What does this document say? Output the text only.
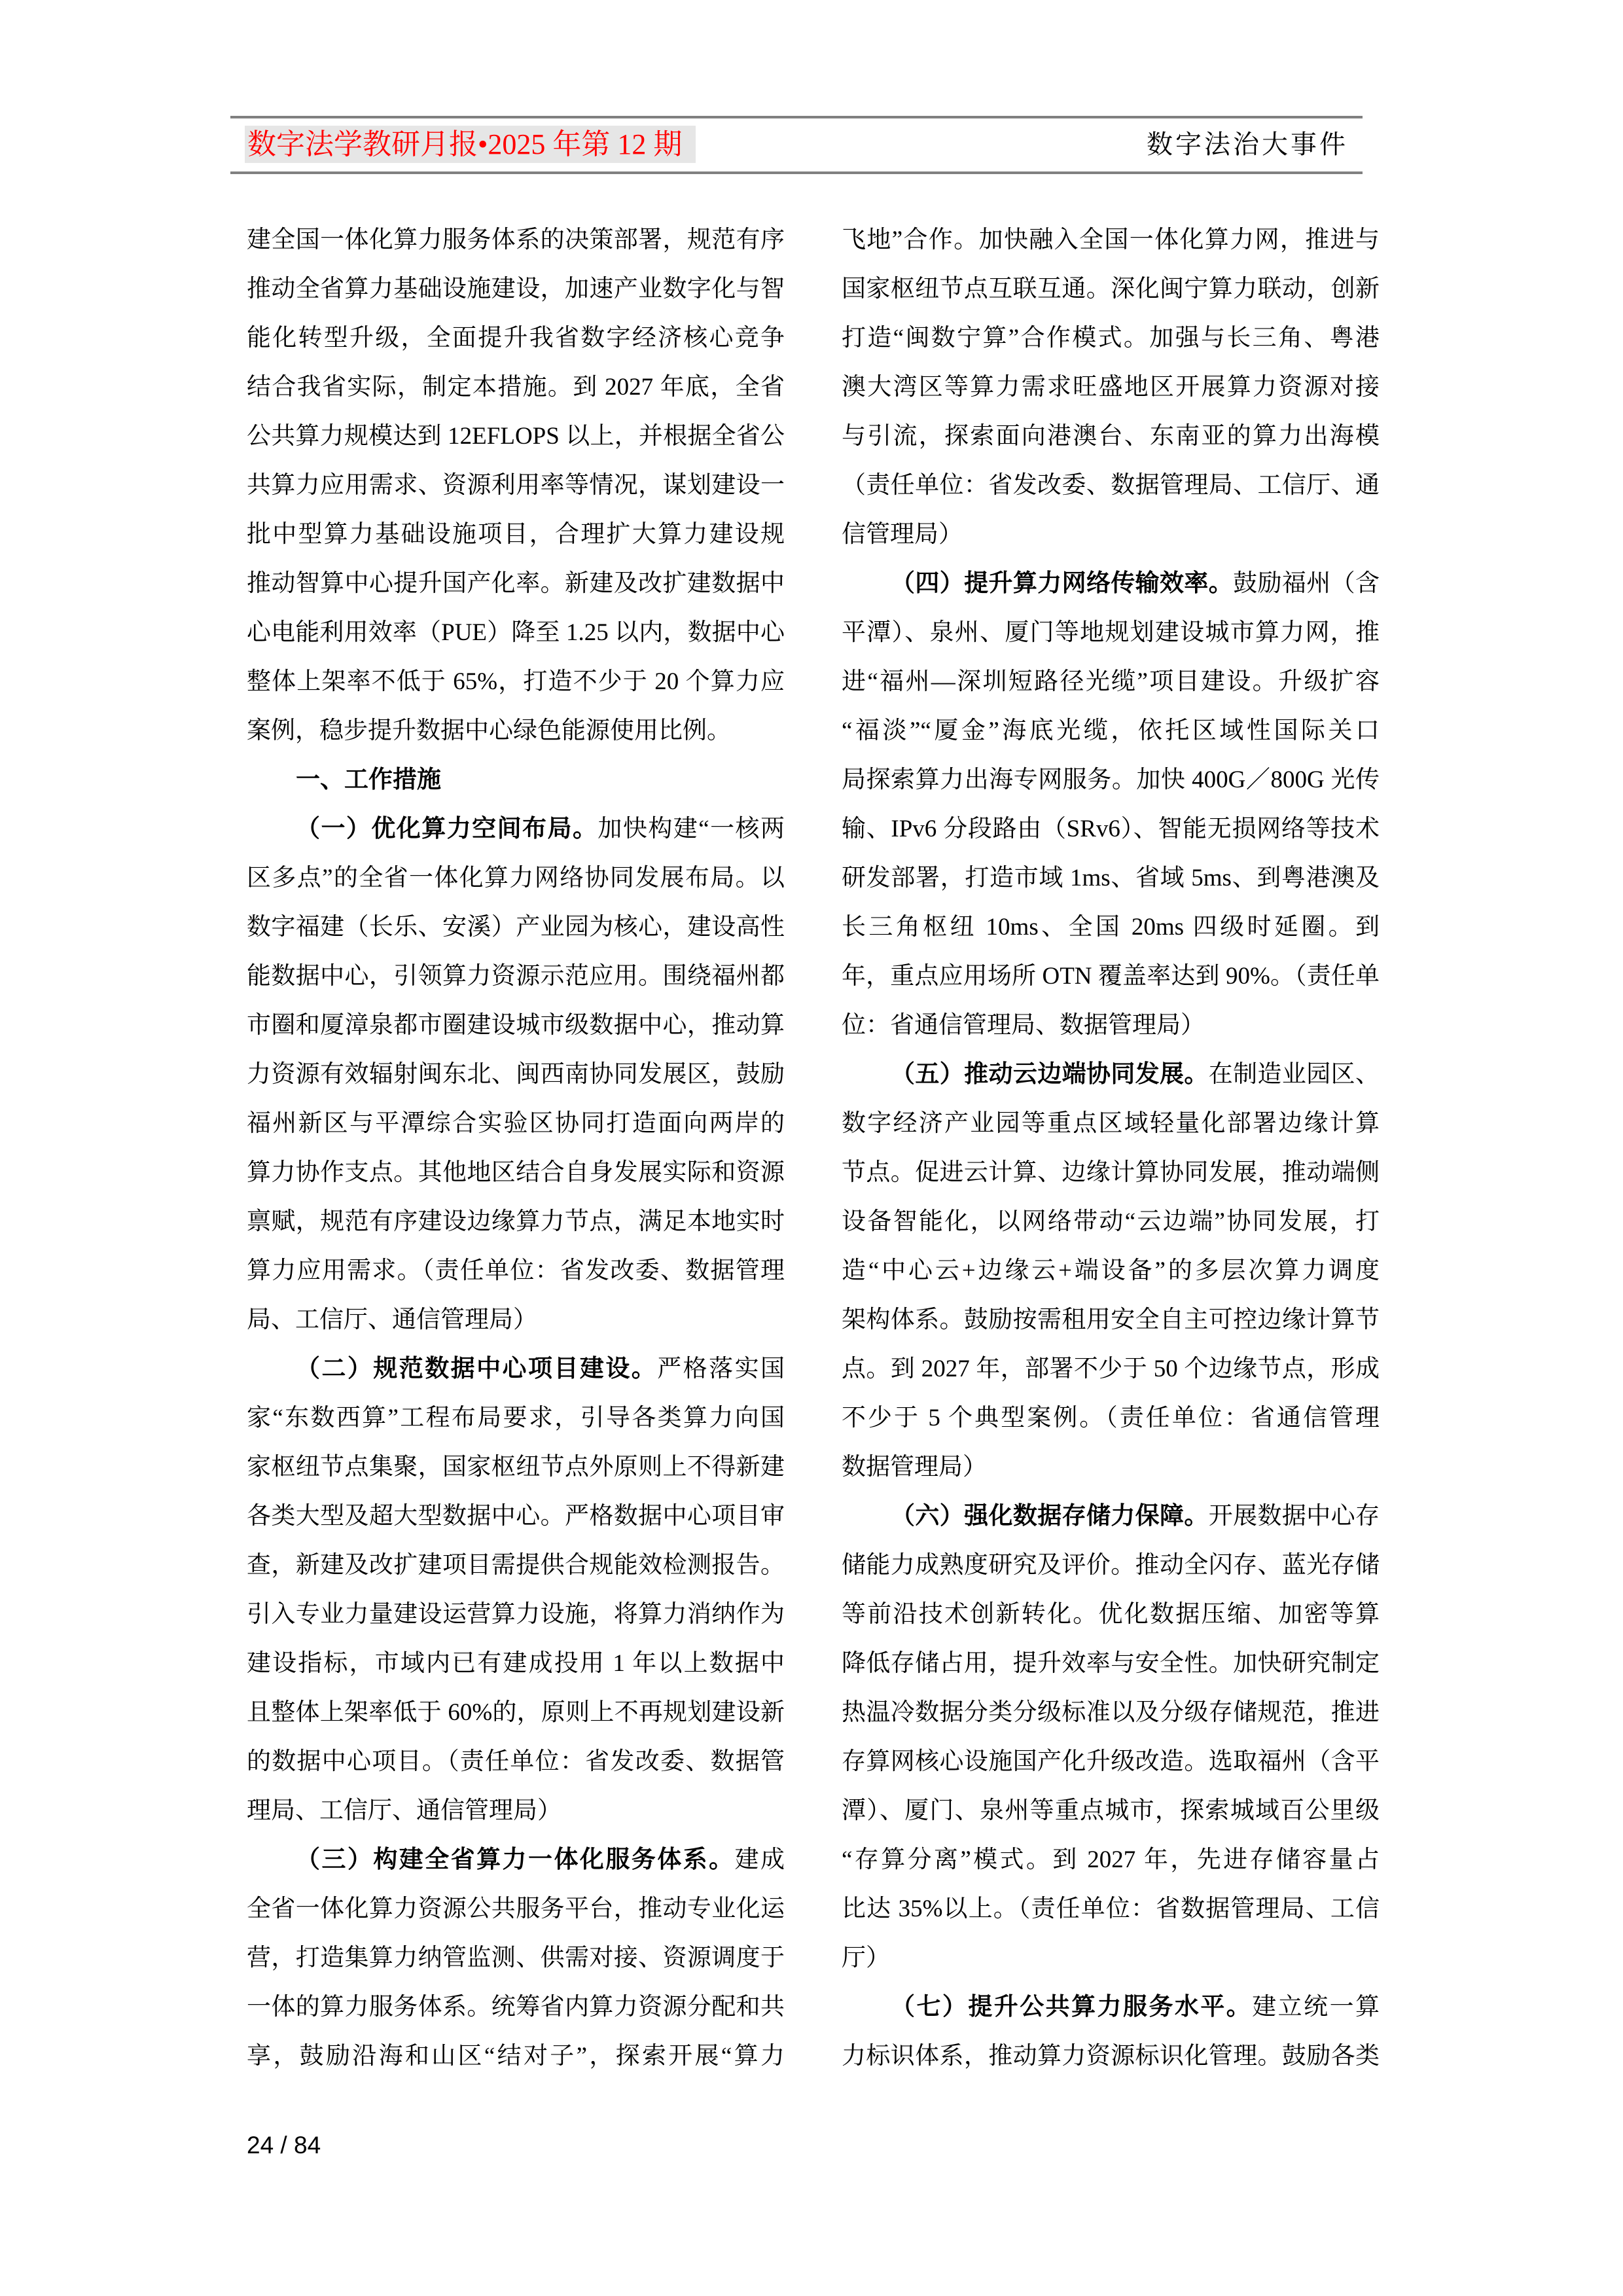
数字法学教研月报•2025 年第 12 期	数字法治大事件
建全国一体化算力服务体系的决策部署，规范有序
推动全省算力基础设施建设，加速产业数字化与智
能化转型升级，全面提升我省数字经济核心竞争
结合我省实际，制定本措施。到 2027 年底，全省
公共算力规模达到 12EFLOPS 以上，并根据全省公
共算力应用需求、资源利用率等情况，谋划建设一
批中型算力基础设施项目，合理扩大算力建设规
推动智算中心提升国产化率。新建及改扩建数据中
心电能利用效率（PUE）降至 1.25 以内，数据中心
整体上架率不低于 65%，打造不少于 20 个算力应
案例，稳步提升数据中心绿色能源使用比例。
一、工作措施
（一）优化算力空间布局。加快构建“一核两
区多点”的全省一体化算力网络协同发展布局。以
数字福建（长乐、安溪）产业园为核心，建设高性
能数据中心，引领算力资源示范应用。围绕福州都
市圈和厦漳泉都市圈建设城市级数据中心，推动算
力资源有效辐射闽东北、闽西南协同发展区，鼓励
福州新区与平潭综合实验区协同打造面向两岸的
算力协作支点。其他地区结合自身发展实际和资源
禀赋，规范有序建设边缘算力节点，满足本地实时
算力应用需求。（责任单位：省发改委、数据管理
局、工信厅、通信管理局）
（二）规范数据中心项目建设。严格落实国
家“东数西算”工程布局要求，引导各类算力向国
家枢纽节点集聚，国家枢纽节点外原则上不得新建
各类大型及超大型数据中心。严格数据中心项目审
查，新建及改扩建项目需提供合规能效检测报告。
引入专业力量建设运营算力设施，将算力消纳作为
建设指标，市域内已有建成投用 1 年以上数据中
且整体上架率低于 60%的，原则上不再规划建设新
的数据中心项目。（责任单位：省发改委、数据管
理局、工信厅、通信管理局）
（三）构建全省算力一体化服务体系。建成
全省一体化算力资源公共服务平台，推动专业化运
营，打造集算力纳管监测、供需对接、资源调度于
一体的算力服务体系。统筹省内算力资源分配和共
享，鼓励沿海和山区“结对子”，探索开展“算力
飞地”合作。加快融入全国一体化算力网，推进与
国家枢纽节点互联互通。深化闽宁算力联动，创新
打造“闽数宁算”合作模式。加强与长三角、粤港
澳大湾区等算力需求旺盛地区开展算力资源对接
与引流，探索面向港澳台、东南亚的算力出海模
（责任单位：省发改委、数据管理局、工信厅、通
信管理局）
（四）提升算力网络传输效率。鼓励福州（含
平潭）、泉州、厦门等地规划建设城市算力网，推
进“福州—深圳短路径光缆”项目建设。升级扩容
“福淡”“厦金”海底光缆，依托区域性国际关口
局探索算力出海专网服务。加快 400G／800G 光传
输、IPv6 分段路由（SRv6）、智能无损网络等技术
研发部署，打造市域 1ms、省域 5ms、到粤港澳及
长三角枢纽 10ms、全国 20ms 四级时延圈。到
年，重点应用场所 OTN 覆盖率达到 90%。（责任单
位：省通信管理局、数据管理局）
（五）推动云边端协同发展。在制造业园区、
数字经济产业园等重点区域轻量化部署边缘计算
节点。促进云计算、边缘计算协同发展，推动端侧
设备智能化，以网络带动“云边端”协同发展，打
造“中心云+边缘云+端设备”的多层次算力调度
架构体系。鼓励按需租用安全自主可控边缘计算节
点。到 2027 年，部署不少于 50 个边缘节点，形成
不少于 5 个典型案例。（责任单位：省通信管理
数据管理局）
（六）强化数据存储力保障。开展数据中心存
储能力成熟度研究及评价。推动全闪存、蓝光存储
等前沿技术创新转化。优化数据压缩、加密等算
降低存储占用，提升效率与安全性。加快研究制定
热温冷数据分类分级标准以及分级存储规范，推进
存算网核心设施国产化升级改造。选取福州（含平
潭）、厦门、泉州等重点城市，探索城域百公里级
“存算分离”模式。到 2027 年，先进存储容量占
比达 35%以上。（责任单位：省数据管理局、工信
厅）
（七）提升公共算力服务水平。建立统一算
力标识体系，推动算力资源标识化管理。鼓励各类
24 / 84
